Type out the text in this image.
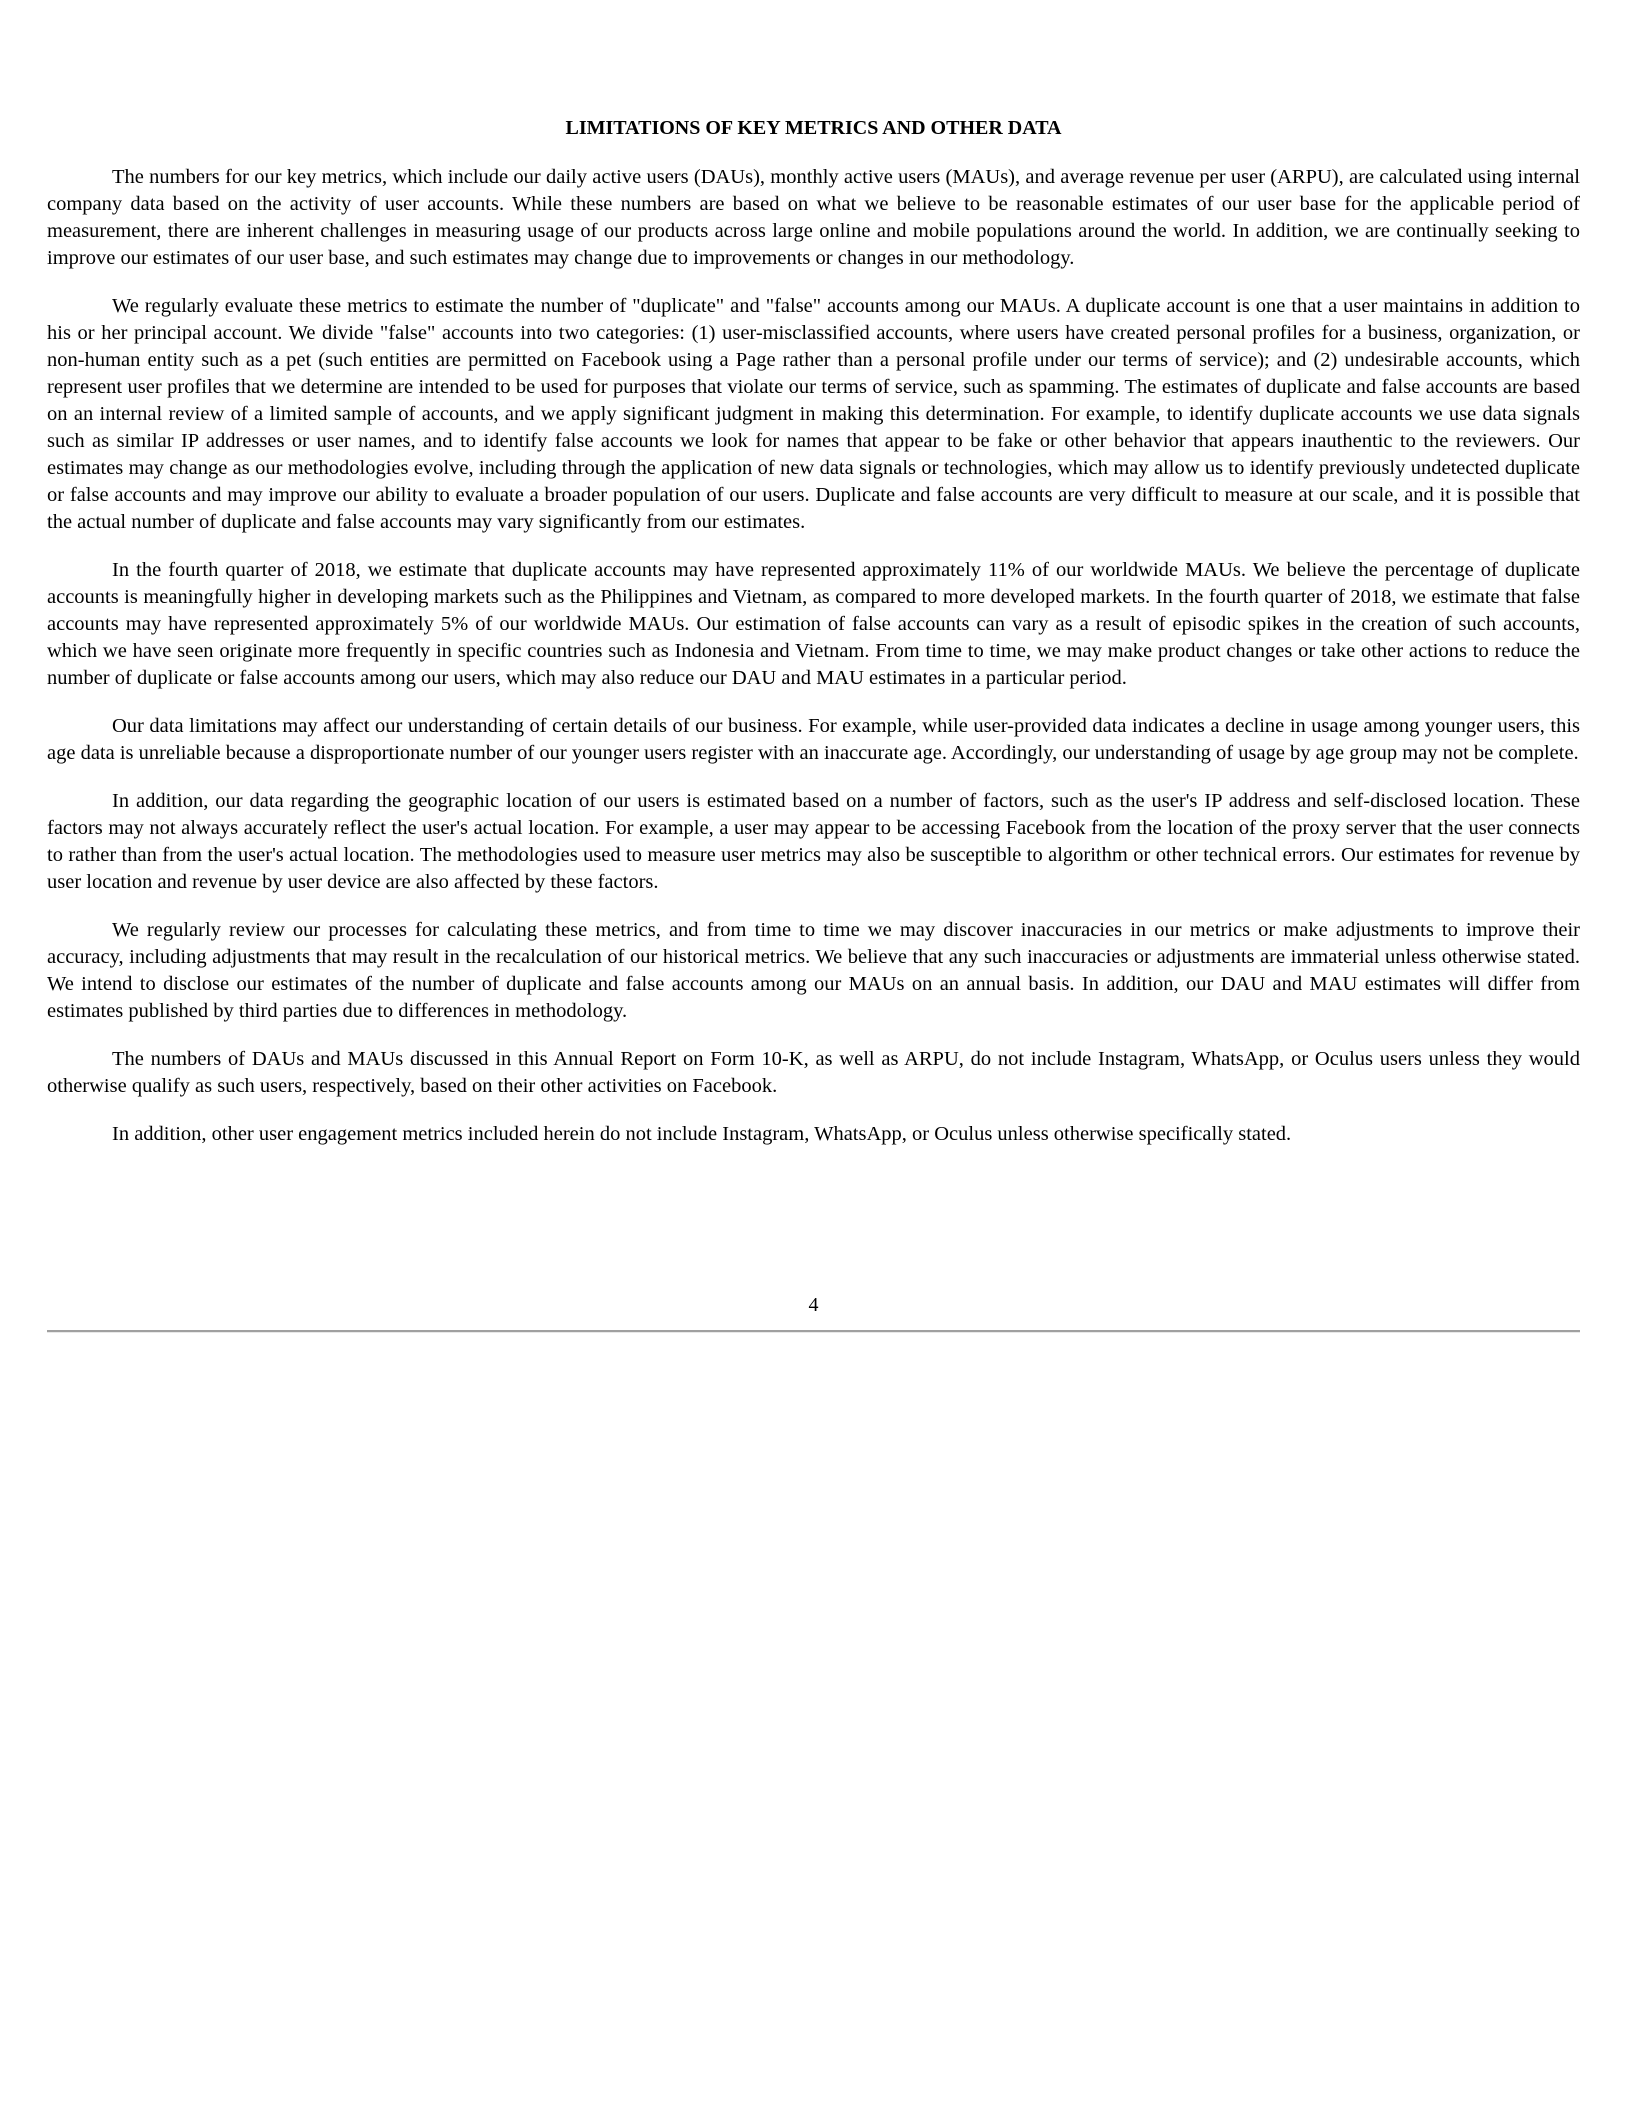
LIMITATIONS OF KEY METRICS AND OTHER DATA

The numbers for our key metrics, which include our daily active users (DAUs), monthly active users (MAUs), and average revenue per user (ARPU), are calculated using internal company data based on the activity of user accounts. While these numbers are based on what we believe to be reasonable estimates of our user base for the applicable period of measurement, there are inherent challenges in measuring usage of our products across large online and mobile populations around the world. In addition, we are continually seeking to improve our estimates of our user base, and such estimates may change due to improvements or changes in our methodology.

We regularly evaluate these metrics to estimate the number of "duplicate" and "false" accounts among our MAUs. A duplicate account is one that a user maintains in addition to his or her principal account. We divide "false" accounts into two categories: (1) user-misclassified accounts, where users have created personal profiles for a business, organization, or non-human entity such as a pet (such entities are permitted on Facebook using a Page rather than a personal profile under our terms of service); and (2) undesirable accounts, which represent user profiles that we determine are intended to be used for purposes that violate our terms of service, such as spamming. The estimates of duplicate and false accounts are based on an internal review of a limited sample of accounts, and we apply significant judgment in making this determination. For example, to identify duplicate accounts we use data signals such as similar IP addresses or user names, and to identify false accounts we look for names that appear to be fake or other behavior that appears inauthentic to the reviewers. Our estimates may change as our methodologies evolve, including through the application of new data signals or technologies, which may allow us to identify previously undetected duplicate or false accounts and may improve our ability to evaluate a broader population of our users. Duplicate and false accounts are very difficult to measure at our scale, and it is possible that the actual number of duplicate and false accounts may vary significantly from our estimates.

In the fourth quarter of 2018, we estimate that duplicate accounts may have represented approximately 11% of our worldwide MAUs. We believe the percentage of duplicate accounts is meaningfully higher in developing markets such as the Philippines and Vietnam, as compared to more developed markets. In the fourth quarter of 2018, we estimate that false accounts may have represented approximately 5% of our worldwide MAUs. Our estimation of false accounts can vary as a result of episodic spikes in the creation of such accounts, which we have seen originate more frequently in specific countries such as Indonesia and Vietnam. From time to time, we may make product changes or take other actions to reduce the number of duplicate or false accounts among our users, which may also reduce our DAU and MAU estimates in a particular period.

Our data limitations may affect our understanding of certain details of our business. For example, while user-provided data indicates a decline in usage among younger users, this age data is unreliable because a disproportionate number of our younger users register with an inaccurate age. Accordingly, our understanding of usage by age group may not be complete.

In addition, our data regarding the geographic location of our users is estimated based on a number of factors, such as the user's IP address and self-disclosed location. These factors may not always accurately reflect the user's actual location. For example, a user may appear to be accessing Facebook from the location of the proxy server that the user connects to rather than from the user's actual location. The methodologies used to measure user metrics may also be susceptible to algorithm or other technical errors. Our estimates for revenue by user location and revenue by user device are also affected by these factors.

We regularly review our processes for calculating these metrics, and from time to time we may discover inaccuracies in our metrics or make adjustments to improve their accuracy, including adjustments that may result in the recalculation of our historical metrics. We believe that any such inaccuracies or adjustments are immaterial unless otherwise stated. We intend to disclose our estimates of the number of duplicate and false accounts among our MAUs on an annual basis. In addition, our DAU and MAU estimates will differ from estimates published by third parties due to differences in methodology.

The numbers of DAUs and MAUs discussed in this Annual Report on Form 10-K, as well as ARPU, do not include Instagram, WhatsApp, or Oculus users unless they would otherwise qualify as such users, respectively, based on their other activities on Facebook.

In addition, other user engagement metrics included herein do not include Instagram, WhatsApp, or Oculus unless otherwise specifically stated.

4
